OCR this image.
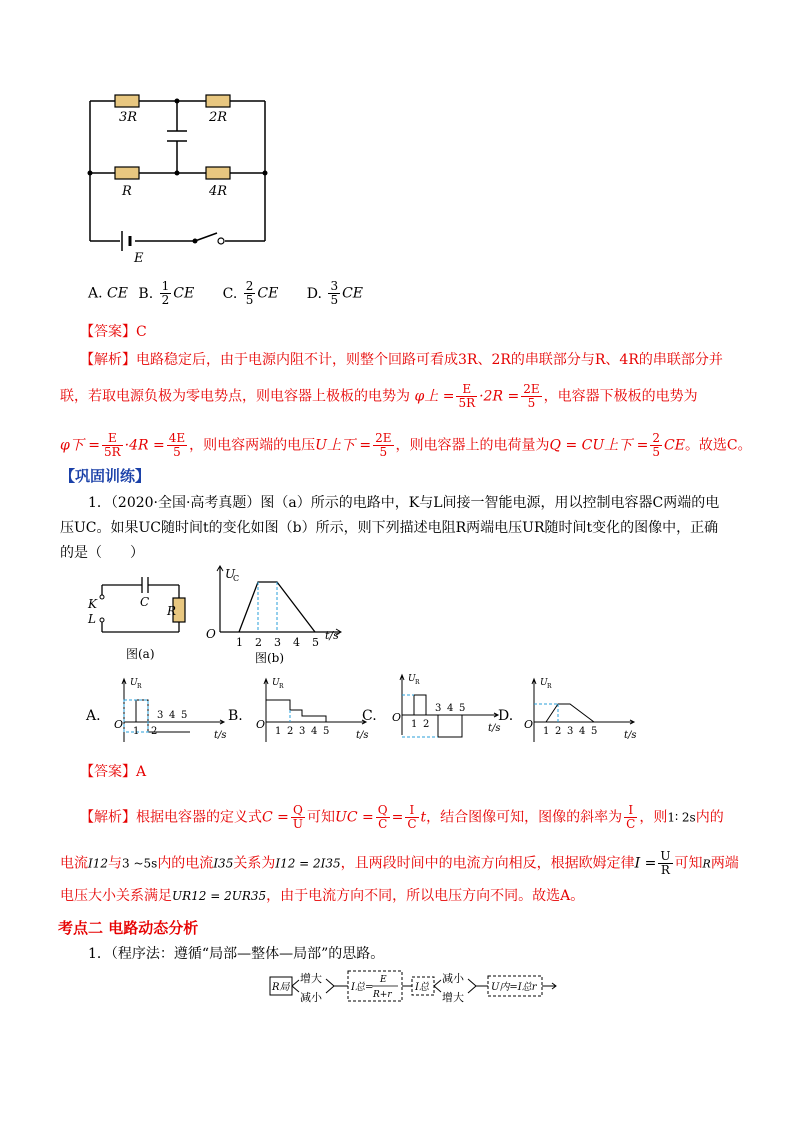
3R	2R
R	4R
E
A. CE B. $\frac{1}{2}$ CE C. $\frac{2}{5}$ CE D. $\frac{3}{5}$ CE
【答案】C
【解析】电路稳定后，由于电源内阻不计，则整个回路可看成3R、2R的串联部分与R、4R的串联部分并
联，若取电源负极为零电势点，则电容器上极板的电势为 φ上 = $\frac{E}{5R} \cdot 2R = \frac{2E}{5}$ ，电容器下极板的电势为
φ下 = $\frac{E}{5R} \cdot 4R = \frac{4E}{5}$ ，则电容两端的电压U上下 = $\frac{2E}{5}$ ，则电容器上的电荷量为Q = CU上下 = $\frac{2}{5}$ CE。故选C。
【巩固训练】
1．（2020·全国·高考真题）图（a）所示的电路中，K与L间接一智能电源，用以控制电容器C两端的电
压UC。如果UC随时间t的变化如图（b）所示，则下列描述电阻R两端电压UR随时间t变化的图像中，正确
的是（　　）
K
L
C
R
图(a)
U
C
O	t/s
图(b)
1 2 3 4 5
A.
U R
O
t/s
3 4 5
1 2
B.
U R
O
t/s
1 2 3 4 5
C.
U R
O
t/s
1 2
3 4 5 D.
U R
O
t/s
1 2 3 4 5
【答案】A
【解析】根据电容器的定义式$C = \frac{Q}{U}$ 可知UC = $\frac{Q}{C} = \frac{I}{C}$ t，结合图像可知，图像的斜率为 $\frac{I}{C}$ ，则1∶ 2s内的
电流I12与3 ~5s内的电流I35关系为I12 = 2I35，且两段时间中的电流方向相反，根据欧姆定律$I = \frac{U}{R}$ 可知R两端
电压大小关系满足UR12 = 2UR35，由于电流方向不同，所以电压方向不同。故选A。
考点二 电路动态分析
1．（程序法：遵循“局部—整体—局部”的思路。
R局
增大
减小
I总=
E
R+r
I总
减小
增大
U内=I总r
